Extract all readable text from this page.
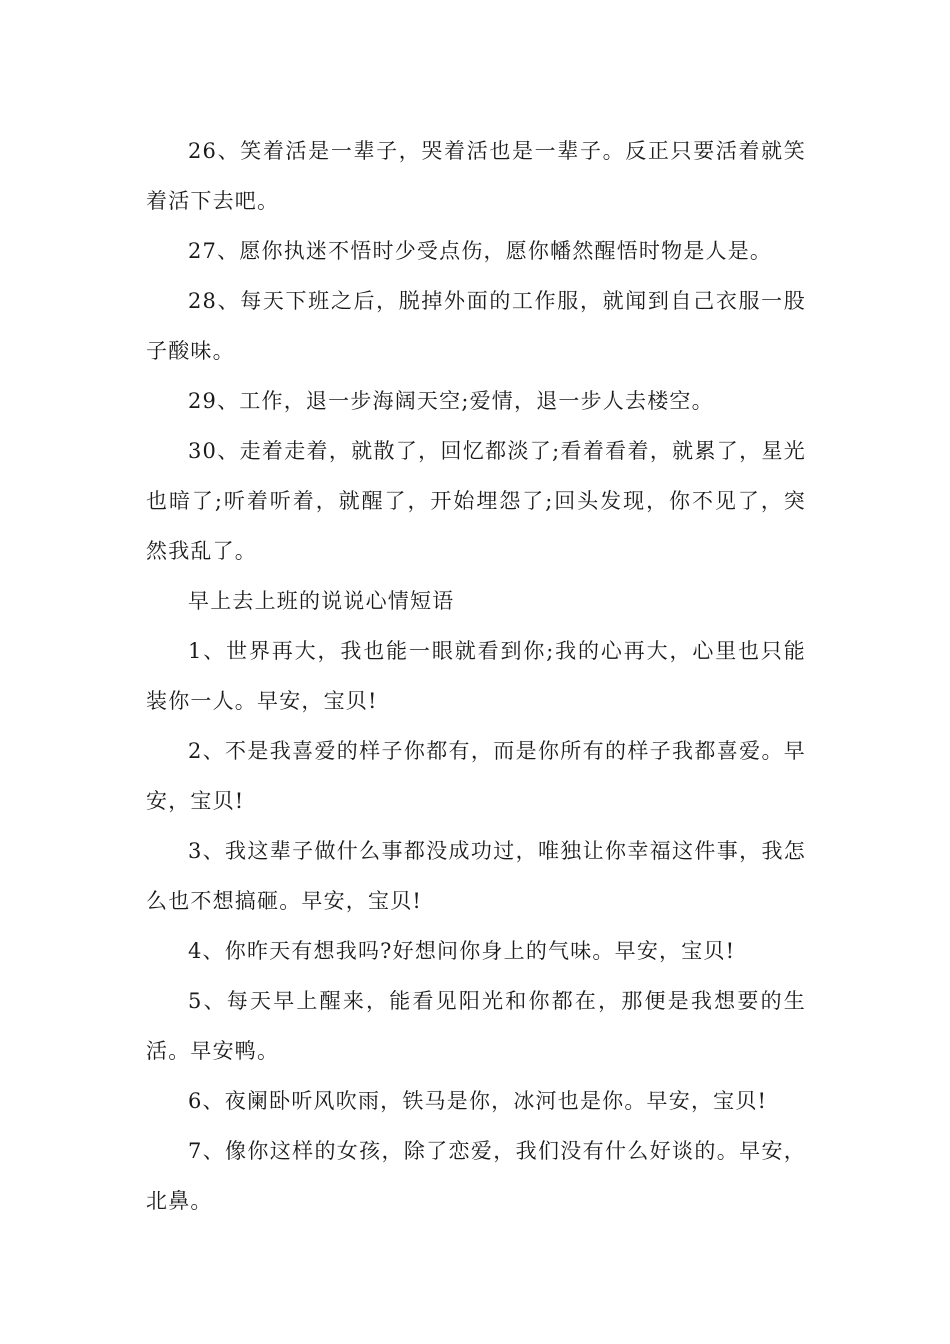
26、笑着活是一辈子，哭着活也是一辈子。反正只要活着就笑着活下去吧。

27、愿你执迷不悟时少受点伤，愿你幡然醒悟时物是人是。

28、每天下班之后，脱掉外面的工作服，就闻到自己衣服一股子酸味。

29、工作，退一步海阔天空;爱情，退一步人去楼空。

30、走着走着，就散了，回忆都淡了;看着看着，就累了，星光也暗了;听着听着，就醒了，开始埋怨了;回头发现，你不见了，突然我乱了。

早上去上班的说说心情短语

1、世界再大，我也能一眼就看到你;我的心再大，心里也只能装你一人。早安，宝贝!

2、不是我喜爱的样子你都有，而是你所有的样子我都喜爱。早安，宝贝!

3、我这辈子做什么事都没成功过，唯独让你幸福这件事，我怎么也不想搞砸。早安，宝贝!

4、你昨天有想我吗?好想问你身上的气味。早安，宝贝!

5、每天早上醒来，能看见阳光和你都在，那便是我想要的生活。早安鸭。

6、夜阑卧听风吹雨，铁马是你，冰河也是你。早安，宝贝!

7、像你这样的女孩，除了恋爱，我们没有什么好谈的。早安，北鼻。
